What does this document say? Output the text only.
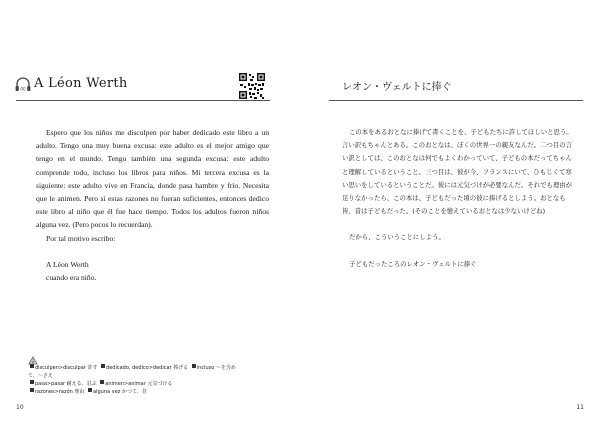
00 A Léon Werth

Espero que los niños me disculpen por haber dedicado este libro a un adulto. Tengo una muy buena excusa: este adulto es el mejor amigo que tengo en el mundo. Tengo también una segunda excusa: este adulto comprende todo, incluso los libros para niños. Mi tercera excusa es la siguiente: este adulto vive en Francia, donde pasa hambre y frío. Necesita que le animen. Pero si estas razones no fueran suficientes, entonces dedico este libro al niño que él fue hace tiempo. Todos los adultos fueron niños alguna vez. (Pero pocos lo recuerdan).

Por tal motivo escribo:

A Léon Werth

cuando era niño.

disculpen>disculpar 許す dedicado, dedico>dedicar 捧げる incluso 〜を含めて、〜さえ
pasa>pasar 耐える、忍ぶ animen>animar 元気づける
razones>razón 理由 alguna vez かつて、昔
10
レオン・ヴェルトに捧ぐ

この本をあるおとなに捧げて書くことを、子どもたちに許してほしいと思う。言い訳もちゃんとある。このおとなは、ぼくの世界一の親友なんだ。二つ目の言い訳としては、このおとなは何でもよくわかっていて、子どもの本だってちゃんと理解しているということ。三つ目は、彼が今、フランスにいて、ひもじくて寒い思いをしているということだ。彼には元気づけが必要なんだ。それでも理由が足りなかったら、この本は、子どもだった頃の彼に捧げるとしよう。おとなも皆、昔は子どもだった。(そのことを憶えているおとなは少ないけどね)

だから、こういうことにしよう。

子どもだったころのレオン・ヴェルトに捧ぐ

11
